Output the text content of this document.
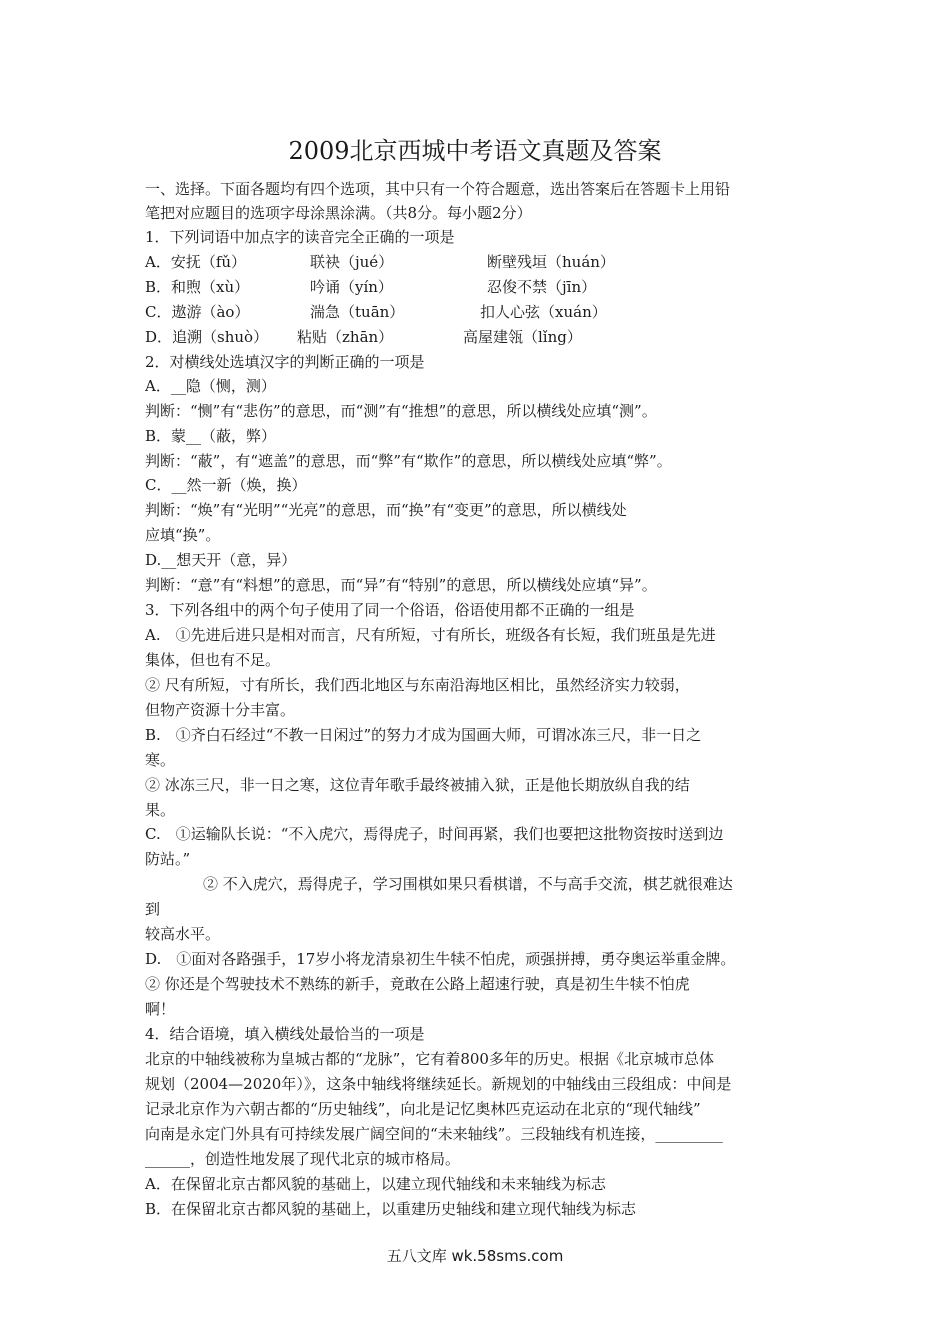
2009北京西城中考语文真题及答案

一、选择。下面各题均有四个选项，其中只有一个符合题意，选出答案后在答题卡上用铅

笔把对应题目的选项字母涂黑涂满。（共8分。每小题2分）

1．下列词语中加点字的读音完全正确的一项是

A．安抚（fǔ）	联袂（jué）	断壁残垣（huán）
B．和煦（xù）	吟诵（yín）	忍俊不禁（jīn）
C．遨游（ào）	湍急（tuān）	扣人心弦（xuán）
D．追溯（shuò） 粘贴（zhān）	高屋建瓴（lǐng）

2．对横线处选填汉字的判断正确的一项是

A．__隐（恻，测）

判断：“恻”有“悲伤”的意思，而“测”有“推想”的意思，所以横线处应填“测”。

B．蒙__（蔽，弊）

判断：“蔽”，有“遮盖”的意思，而“弊”有“欺作”的意思，所以横线处应填“弊”。

C．__然一新（焕，换）

判断：“焕”有“光明”“光亮”的意思，而“换”有“变更”的意思，所以横线处

应填“换”。

D.__想天开（意，异）

判断：“意”有“料想”的意思，而“异”有“特别”的意思，所以横线处应填“异”。

3．下列各组中的两个句子使用了同一个俗语，俗语使用都不正确的一组是

A.　①先进后进只是相对而言，尺有所短，寸有所长，班级各有长短，我们班虽是先进

集体，但也有不足。

② 尺有所短，寸有所长，我们西北地区与东南沿海地区相比，虽然经济实力较弱，

但物产资源十分丰富。

B.　①齐白石经过“不教一日闲过”的努力才成为国画大师，可谓冰冻三尺，非一日之

寒。

② 冰冻三尺，非一日之寒，这位青年歌手最终被捕入狱，正是他长期放纵自我的结

果。

C.　①运输队长说：“不入虎穴，焉得虎子，时间再紧，我们也要把这批物资按时送到边

防站。”

② 不入虎穴，焉得虎子，学习围棋如果只看棋谱，不与高手交流，棋艺就很难达

到

较高水平。

D.　①面对各路强手，17岁小将龙清泉初生牛犊不怕虎，顽强拼搏，勇夺奥运举重金牌。

② 你还是个驾驶技术不熟练的新手，竟敢在公路上超速行驶，真是初生牛犊不怕虎

啊！

4．结合语境，填入横线处最恰当的一项是

北京的中轴线被称为皇城古都的“龙脉”，它有着800多年的历史。根据《北京城市总体

规划（2004—2020年）》，这条中轴线将继续延长。新规划的中轴线由三段组成：中间是

记录北京作为六朝古都的“历史轴线”，向北是记忆奥林匹克运动在北京的“现代轴线”

向南是永定门外具有可持续发展广阔空间的“未来轴线”。三段轴线有机连接，_________

______，创造性地发展了现代北京的城市格局。

A．在保留北京古都风貌的基础上，以建立现代轴线和未来轴线为标志

B．在保留北京古都风貌的基础上，以重建历史轴线和建立现代轴线为标志

五八文库 wk.58sms.com
